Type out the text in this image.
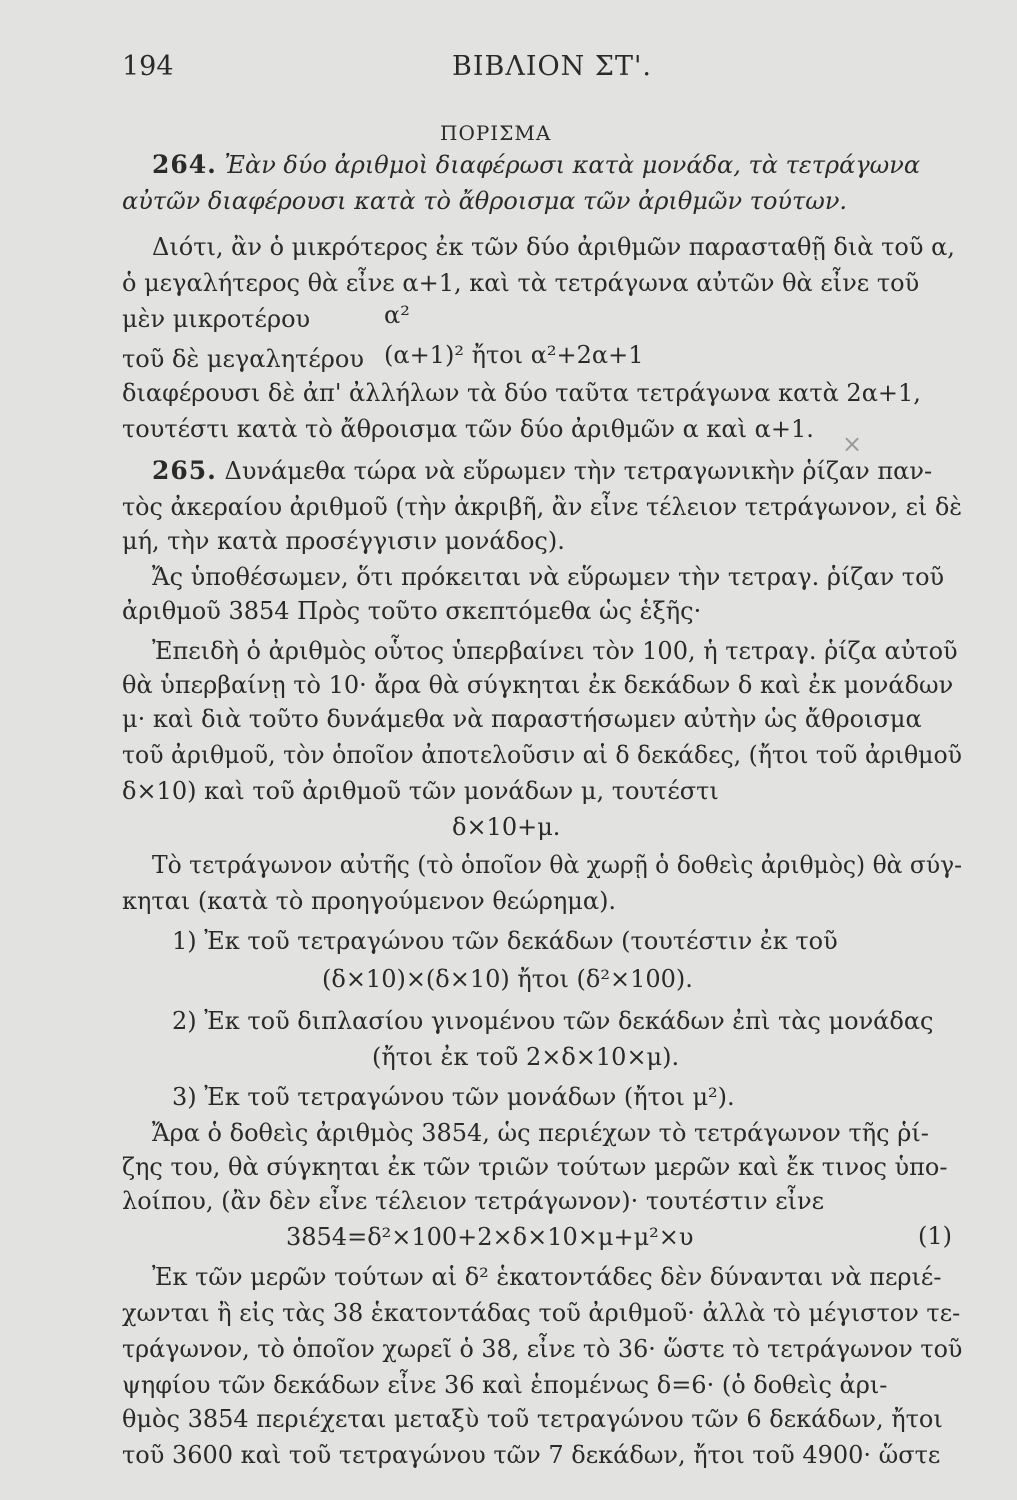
194	ΒΙΒΛΙΟΝ ΣΤ'.
ΠΟΡΙΣΜΑ
264. Ἐὰν δύο ἀριθμοὶ διαφέρωσι κατὰ μονάδα, τὰ τετράγωνα
αὐτῶν διαφέρουσι κατὰ τὸ ἄθροισμα τῶν ἀριθμῶν τούτων.
Διότι, ἂν ὁ μικρότερος ἐκ τῶν δύο ἀριθμῶν παρασταθῇ διὰ τοῦ α,
ὁ μεγαλήτερος θὰ εἶνε α+1, καὶ τὰ τετράγωνα αὐτῶν θὰ εἶνε τοῦ
μὲν μικροτέρου	α²
τοῦ δὲ μεγαλητέρου (α+1)² ἤτοι α²+2α+1
διαφέρουσι δὲ ἀπ' ἀλλήλων τὰ δύο ταῦτα τετράγωνα κατὰ 2α+1,
τουτέστι κατὰ τὸ ἄθροισμα τῶν δύο ἀριθμῶν α καὶ α+1.
×
265. Δυνάμεθα τώρα νὰ εὕρωμεν τὴν τετραγωνικὴν ῥίζαν παν-
τὸς ἀκεραίου ἀριθμοῦ (τὴν ἀκριβῆ, ἂν εἶνε τέλειον τετράγωνον, εἰ δὲ
μή, τὴν κατὰ προσέγγισιν μονάδος).
Ἄς ὑποθέσωμεν, ὅτι πρόκειται νὰ εὕρωμεν τὴν τετραγ. ῥίζαν τοῦ
ἀριθμοῦ 3854 Πρὸς τοῦτο σκεπτόμεθα ὡς ἑξῆς·
Ἐπειδὴ ὁ ἀριθμὸς οὗτος ὑπερβαίνει τὸν 100, ἡ τετραγ. ῥίζα αὐτοῦ
θὰ ὑπερβαίνῃ τὸ 10· ἄρα θὰ σύγκηται ἐκ δεκάδων δ καὶ ἐκ μονάδων
μ· καὶ διὰ τοῦτο δυνάμεθα νὰ παραστήσωμεν αὐτὴν ὡς ἄθροισμα
τοῦ ἀριθμοῦ, τὸν ὁποῖον ἀποτελοῦσιν αἱ δ δεκάδες, (ἤτοι τοῦ ἀριθμοῦ
δ×10) καὶ τοῦ ἀριθμοῦ τῶν μονάδων μ, τουτέστι
δ×10+μ.
Τὸ τετράγωνον αὐτῆς (τὸ ὁποῖον θὰ χωρῇ ὁ δοθεὶς ἀριθμὸς) θὰ σύγ-
κηται (κατὰ τὸ προηγούμενον θεώρημα).
1) Ἐκ τοῦ τετραγώνου τῶν δεκάδων (τουτέστιν ἐκ τοῦ
(δ×10)×(δ×10) ἤτοι (δ²×100).
2) Ἐκ τοῦ διπλασίου γινομένου τῶν δεκάδων ἐπὶ τὰς μονάδας
(ἤτοι ἐκ τοῦ 2×δ×10×μ).
3) Ἐκ τοῦ τετραγώνου τῶν μονάδων (ἤτοι μ²).
Ἄρα ὁ δοθεὶς ἀριθμὸς 3854, ὡς περιέχων τὸ τετράγωνον τῆς ῥί-
ζης του, θὰ σύγκηται ἐκ τῶν τριῶν τούτων μερῶν καὶ ἔκ τινος ὑπο-
λοίπου, (ἂν δὲν εἶνε τέλειον τετράγωνον)· τουτέστιν εἶνε
3854=δ²×100+2×δ×10×μ+μ²×υ	(1)
Ἐκ τῶν μερῶν τούτων αἱ δ² ἑκατοντάδες δὲν δύνανται νὰ περιέ-
χωνται ἢ εἰς τὰς 38 ἑκατοντάδας τοῦ ἀριθμοῦ· ἀλλὰ τὸ μέγιστον τε-
τράγωνον, τὸ ὁποῖον χωρεῖ ὁ 38, εἶνε τὸ 36· ὥστε τὸ τετράγωνον τοῦ
ψηφίου τῶν δεκάδων εἶνε 36 καὶ ἑπομένως δ=6· (ὁ δοθεὶς ἀρι-
θμὸς 3854 περιέχεται μεταξὺ τοῦ τετραγώνου τῶν 6 δεκάδων, ἤτοι
τοῦ 3600 καὶ τοῦ τετραγώνου τῶν 7 δεκάδων, ἤτοι τοῦ 4900· ὥστε
